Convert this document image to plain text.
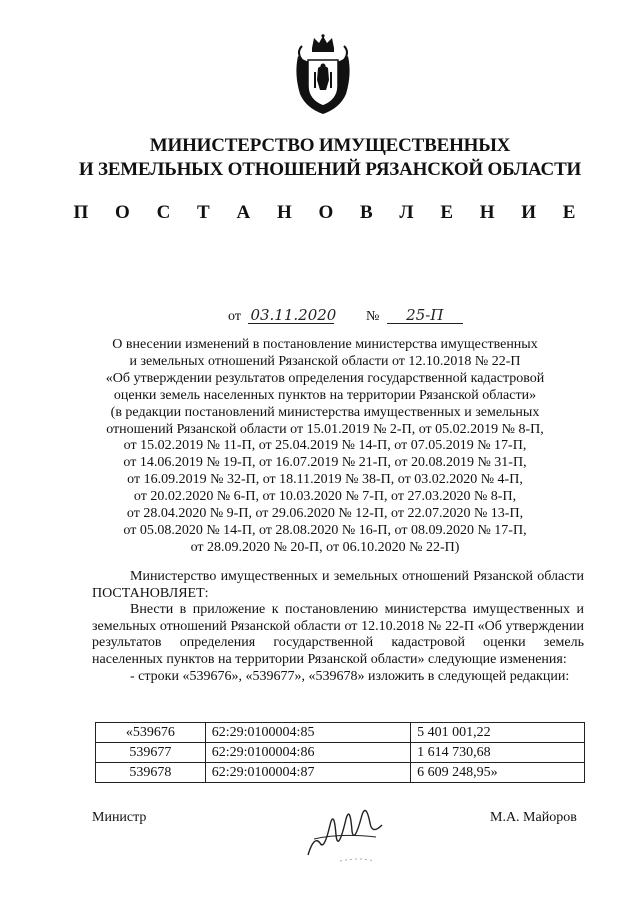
МИНИСТЕРСТВО ИМУЩЕСТВЕННЫХ
И ЗЕМЕЛЬНЫХ ОТНОШЕНИЙ РЯЗАНСКОЙ ОБЛАСТИ
П О С Т А Н О В Л Е Н И Е
от 03.11.2020 № 25-П
О внесении изменений в постановление министерства имущественных
и земельных отношений Рязанской области от 12.10.2018 № 22-П
«Об утверждении результатов определения государственной кадастровой
оценки земель населенных пунктов на территории Рязанской области»
(в редакции постановлений министерства имущественных и земельных
отношений Рязанской области от 15.01.2019 № 2-П, от 05.02.2019 № 8-П,
от 15.02.2019 № 11-П, от 25.04.2019 № 14-П, от 07.05.2019 № 17-П,
от 14.06.2019 № 19-П, от 16.07.2019 № 21-П, от 20.08.2019 № 31-П,
от 16.09.2019 № 32-П, от 18.11.2019 № 38-П, от 03.02.2020 № 4-П,
от 20.02.2020 № 6-П, от 10.03.2020 № 7-П, от 27.03.2020 № 8-П,
от 28.04.2020 № 9-П, от 29.06.2020 № 12-П, от 22.07.2020 № 13-П,
от 05.08.2020 № 14-П, от 28.08.2020 № 16-П, от 08.09.2020 № 17-П,
от 28.09.2020 № 20-П, от 06.10.2020 № 22-П)

Министерство имущественных и земельных отношений Рязанской области ПОСТАНОВЛЯЕТ:

Внести в приложение к постановлению министерства имущественных и земельных отношений Рязанской области от 12.10.2018 № 22-П «Об утверждении результатов определения государственной кадастровой оценки земель населенных пунктов на территории Рязанской области» следующие изменения:

- строки «539676», «539677», «539678» изложить в следующей редакции:

«539676	62:29:0100004:85	5 401 001,22
539677	62:29:0100004:86	1 614 730,68
539678	62:29:0100004:87	6 609 248,95»
Министр	М.А. Майоров
